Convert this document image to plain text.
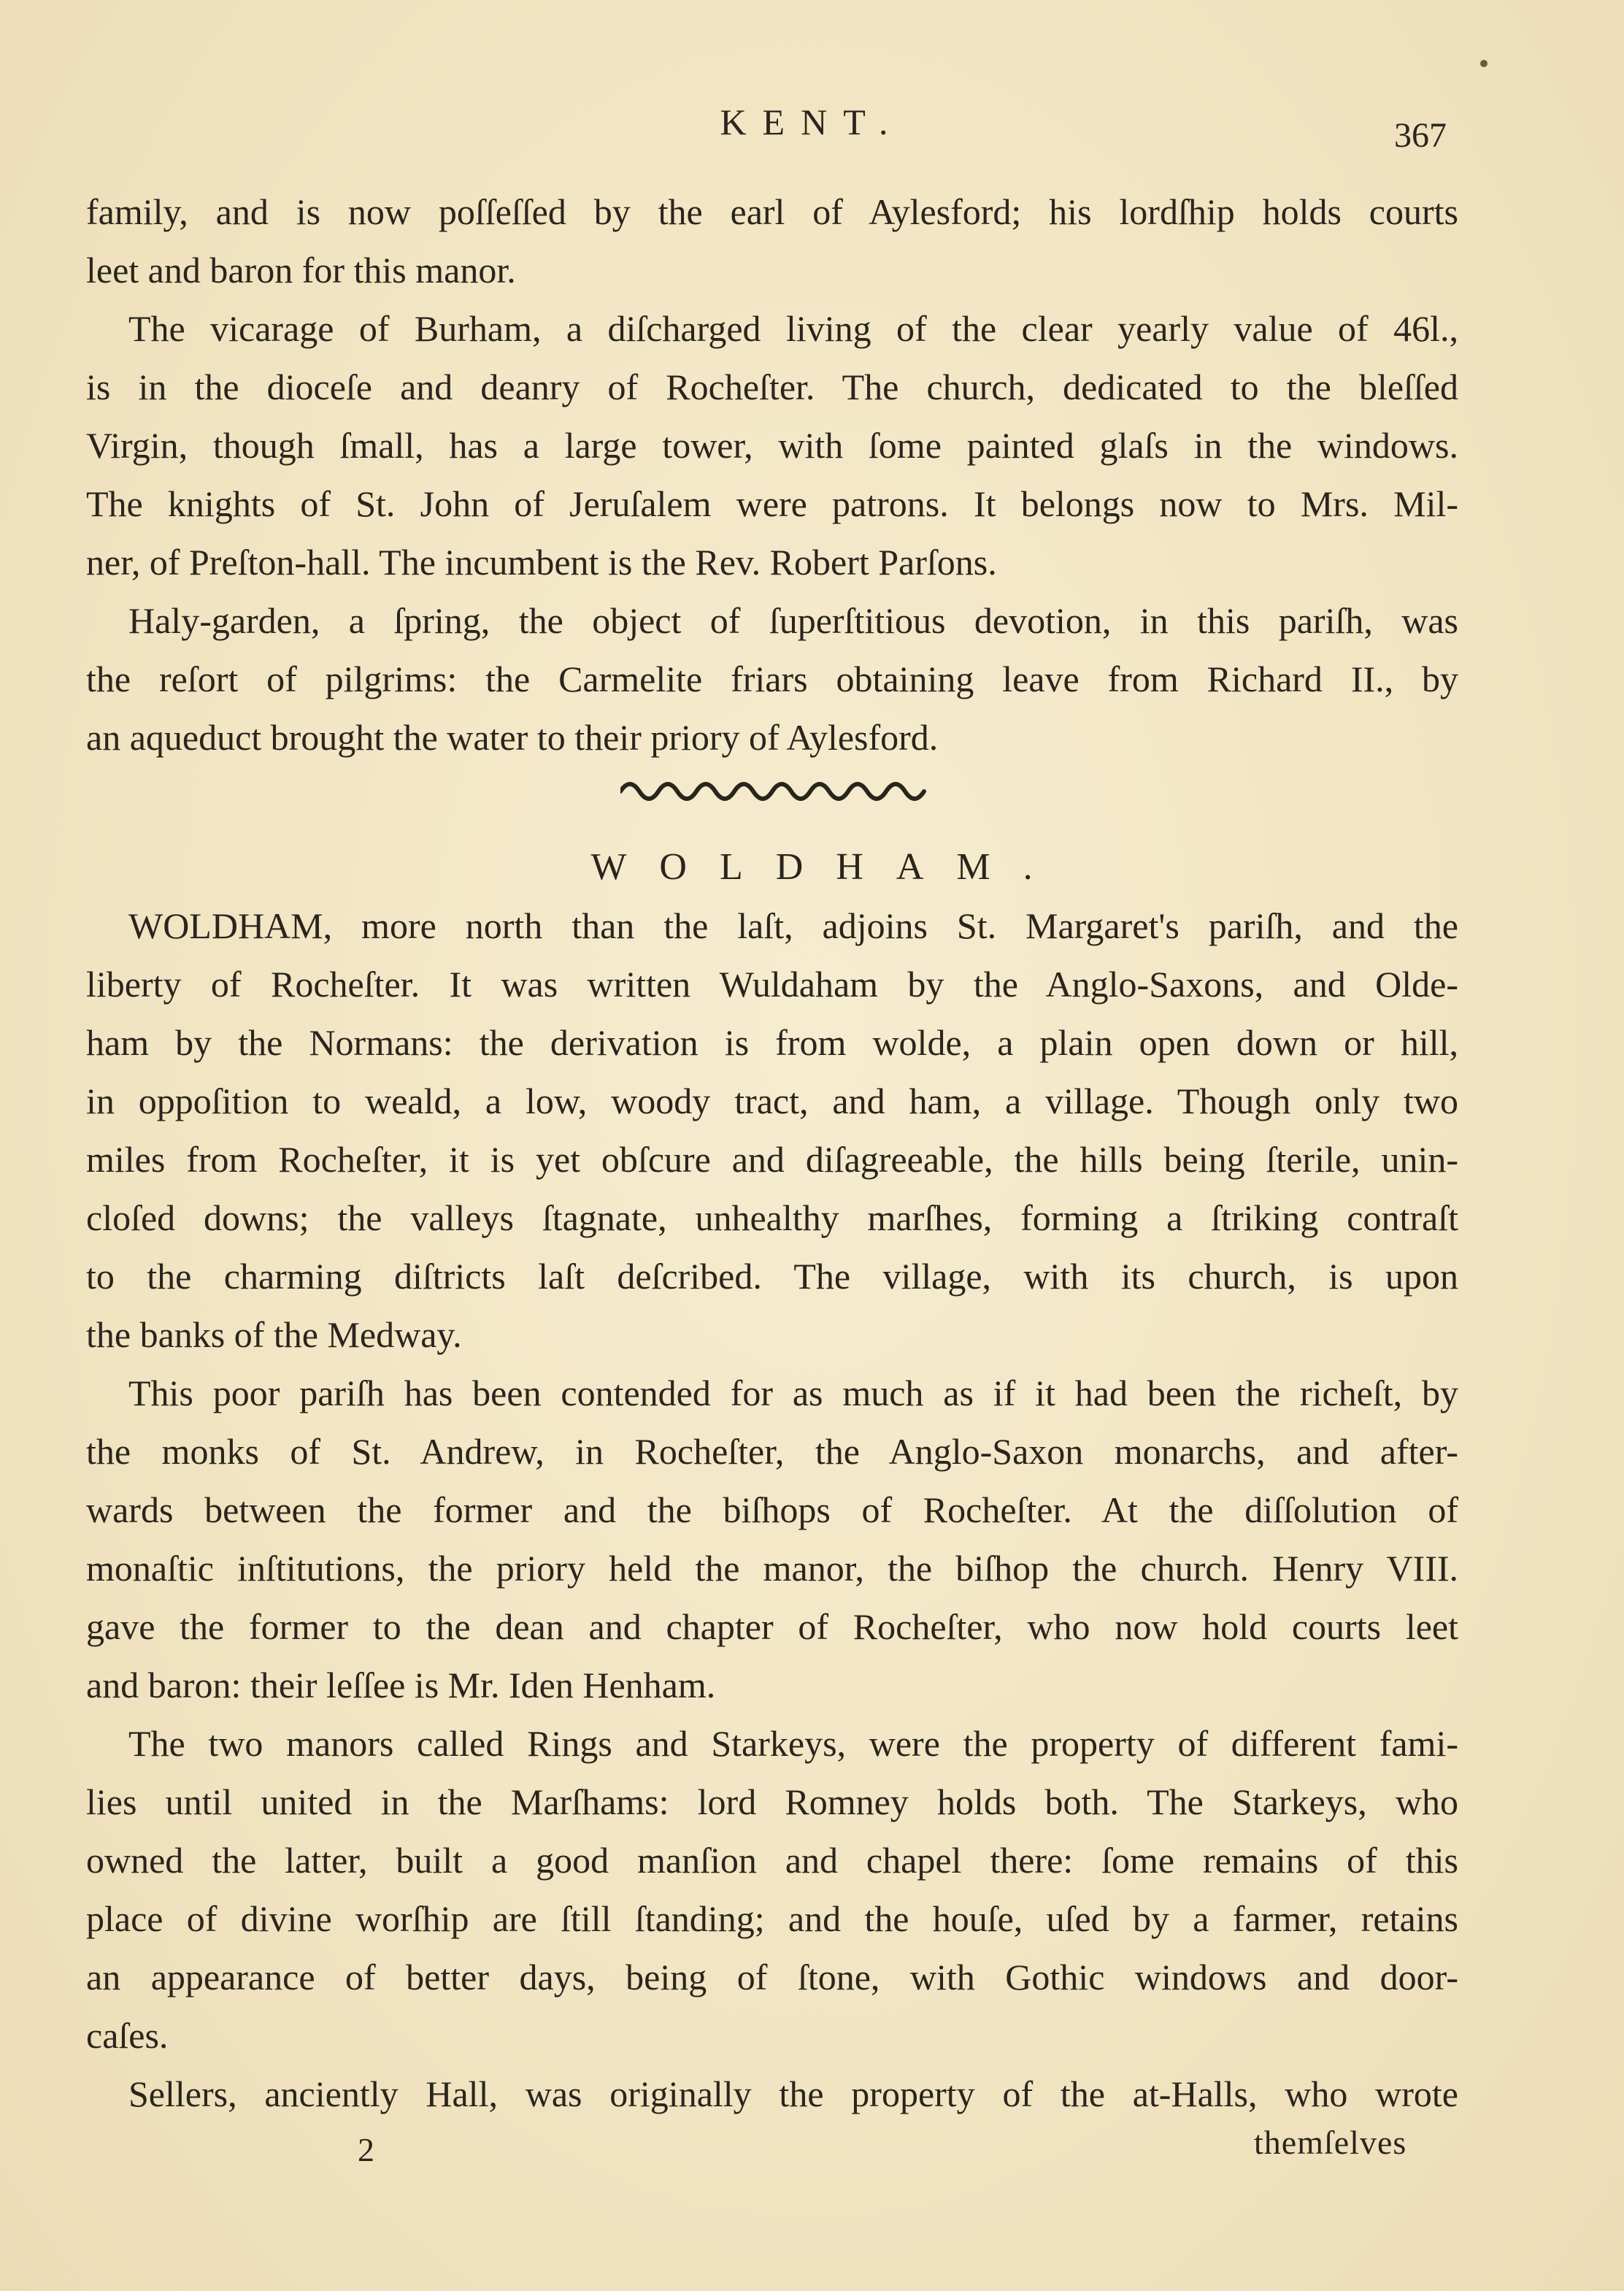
KENT.	367
family, and is now poſſeſſed by the earl of Aylesford; his lordſhip holds courts
leet and baron for this manor.
The vicarage of Burham, a diſcharged living of the clear yearly value of 46l.,
is in the dioceſe and deanry of Rocheſter. The church, dedicated to the bleſſed
Virgin, though ſmall, has a large tower, with ſome painted glaſs in the windows.
The knights of St. John of Jeruſalem were patrons. It belongs now to Mrs. Mil-
ner, of Preſton-hall. The incumbent is the Rev. Robert Parſons.
Haly-garden, a ſpring, the object of ſuperſtitious devotion, in this pariſh, was
the reſort of pilgrims: the Carmelite friars obtaining leave from Richard II., by
an aqueduct brought the water to their priory of Aylesford.
WOLDHAM.
WOLDHAM, more north than the laſt, adjoins St. Margaret's pariſh, and the
liberty of Rocheſter. It was written Wuldaham by the Anglo-Saxons, and Olde-
ham by the Normans: the derivation is from wolde, a plain open down or hill,
in oppoſition to weald, a low, woody tract, and ham, a village. Though only two
miles from Rocheſter, it is yet obſcure and diſagreeable, the hills being ſterile, unin-
cloſed downs; the valleys ſtagnate, unhealthy marſhes, forming a ſtriking contraſt
to the charming diſtricts laſt deſcribed. The village, with its church, is upon
the banks of the Medway.
This poor pariſh has been contended for as much as if it had been the richeſt, by
the monks of St. Andrew, in Rocheſter, the Anglo-Saxon monarchs, and after-
wards between the former and the biſhops of Rocheſter. At the diſſolution of
monaſtic inſtitutions, the priory held the manor, the biſhop the church. Henry VIII.
gave the former to the dean and chapter of Rocheſter, who now hold courts leet
and baron: their leſſee is Mr. Iden Henham.
The two manors called Rings and Starkeys, were the property of different fami-
lies until united in the Marſhams: lord Romney holds both. The Starkeys, who
owned the latter, built a good manſion and chapel there: ſome remains of this
place of divine worſhip are ſtill ſtanding; and the houſe, uſed by a farmer, retains
an appearance of better days, being of ſtone, with Gothic windows and door-
caſes.
Sellers, anciently Hall, was originally the property of the at-Halls, who wrote
2	themſelves
